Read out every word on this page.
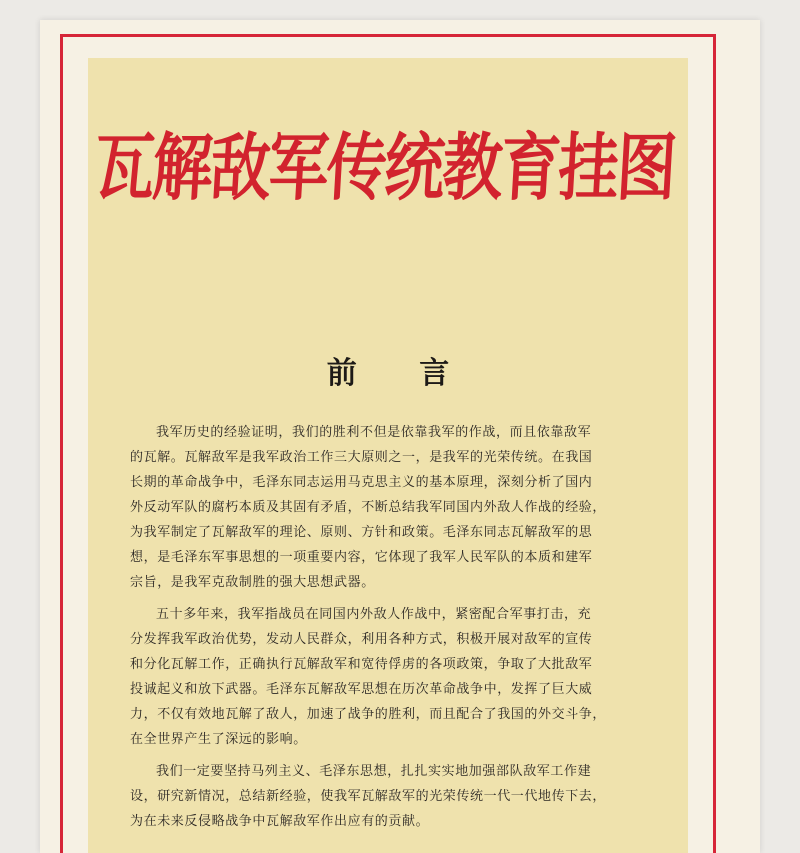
瓦解敌军传统教育挂图
前 言
我军历史的经验证明，我们的胜利不但是依靠我军的作战，而且依靠敌军
的瓦解。瓦解敌军是我军政治工作三大原则之一，是我军的光荣传统。在我国
长期的革命战争中，毛泽东同志运用马克思主义的基本原理，深刻分析了国内
外反动军队的腐朽本质及其固有矛盾，不断总结我军同国内外敌人作战的经验，
为我军制定了瓦解敌军的理论、原则、方针和政策。毛泽东同志瓦解敌军的思
想，是毛泽东军事思想的一项重要内容，它体现了我军人民军队的本质和建军
宗旨，是我军克敌制胜的强大思想武器。
五十多年来，我军指战员在同国内外敌人作战中，紧密配合军事打击，充
分发挥我军政治优势，发动人民群众，利用各种方式，积极开展对敌军的宣传
和分化瓦解工作，正确执行瓦解敌军和宽待俘虏的各项政策，争取了大批敌军
投诚起义和放下武器。毛泽东瓦解敌军思想在历次革命战争中，发挥了巨大威
力，不仅有效地瓦解了敌人，加速了战争的胜利，而且配合了我国的外交斗争，
在全世界产生了深远的影响。
我们一定要坚持马列主义、毛泽东思想，扎扎实实地加强部队敌军工作建
设，研究新情况，总结新经验，使我军瓦解敌军的光荣传统一代一代地传下去，
为在未来反侵略战争中瓦解敌军作出应有的贡献。
